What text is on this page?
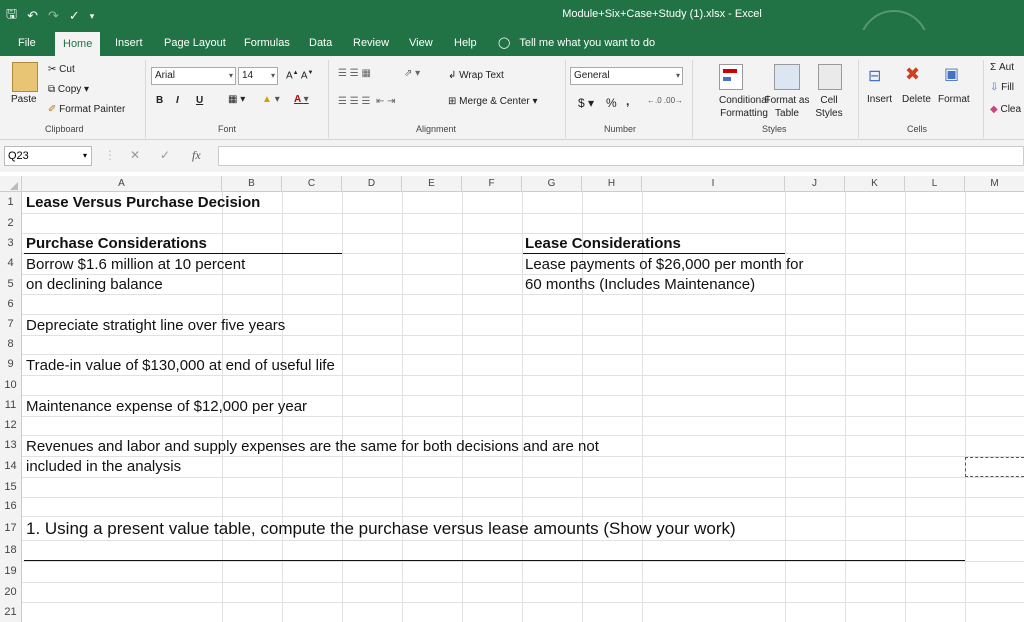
🖫 ↶ ↷ ✓ ▾	Module+Six+Case+Study (1).xlsx - Excel
File	Home	Insert	Page Layout	Formulas	Data	Review	View	Help	◯ Tell me what you want to do
Paste
✂ Cut
⧉ Copy ▾
✐ Format Painter
Clipboard
Arial	▾ 14 ▾ A▲ A▼
B I U ▦ ▾ ▲ ▾ A ▾
Font
☰ ☰ ▦	⇗ ▾
☰ ☰ ☰  ⇤ ⇥
↲ Wrap Text
⊞ Merge & Center ▾
Alignment
General	▾
$ ▾ % , ←.0 .00→
Number
Conditional Formatting
Format as Table
Cell Styles
Styles
⊟ ✖ ▣
Insert Delete Format
Cells
Σ Aut
⇩ Fill
◆ Clea
Q23	▾ ⋮ ✕ ✓ fx
A	B	C	D	E	F	G	H	I	J	K	L	M
1
2
3
4
5
6
7
8
9
10
11
12
13
14
15
16
17
18
19
20
21
Lease Versus Purchase Decision
Purchase Considerations	Lease Considerations
Borrow $1.6 million at 10 percent	Lease payments of $26,000 per month for
on declining balance	60 months (Includes Maintenance)
Depreciate stratight line over five years
Trade-in value of $130,000 at end of useful life
Maintenance expense of $12,000 per year
Revenues and labor and supply expenses are the same for both decisions and are not
included in the analysis
1. Using a present value table, compute the purchase versus lease amounts (Show your work)
